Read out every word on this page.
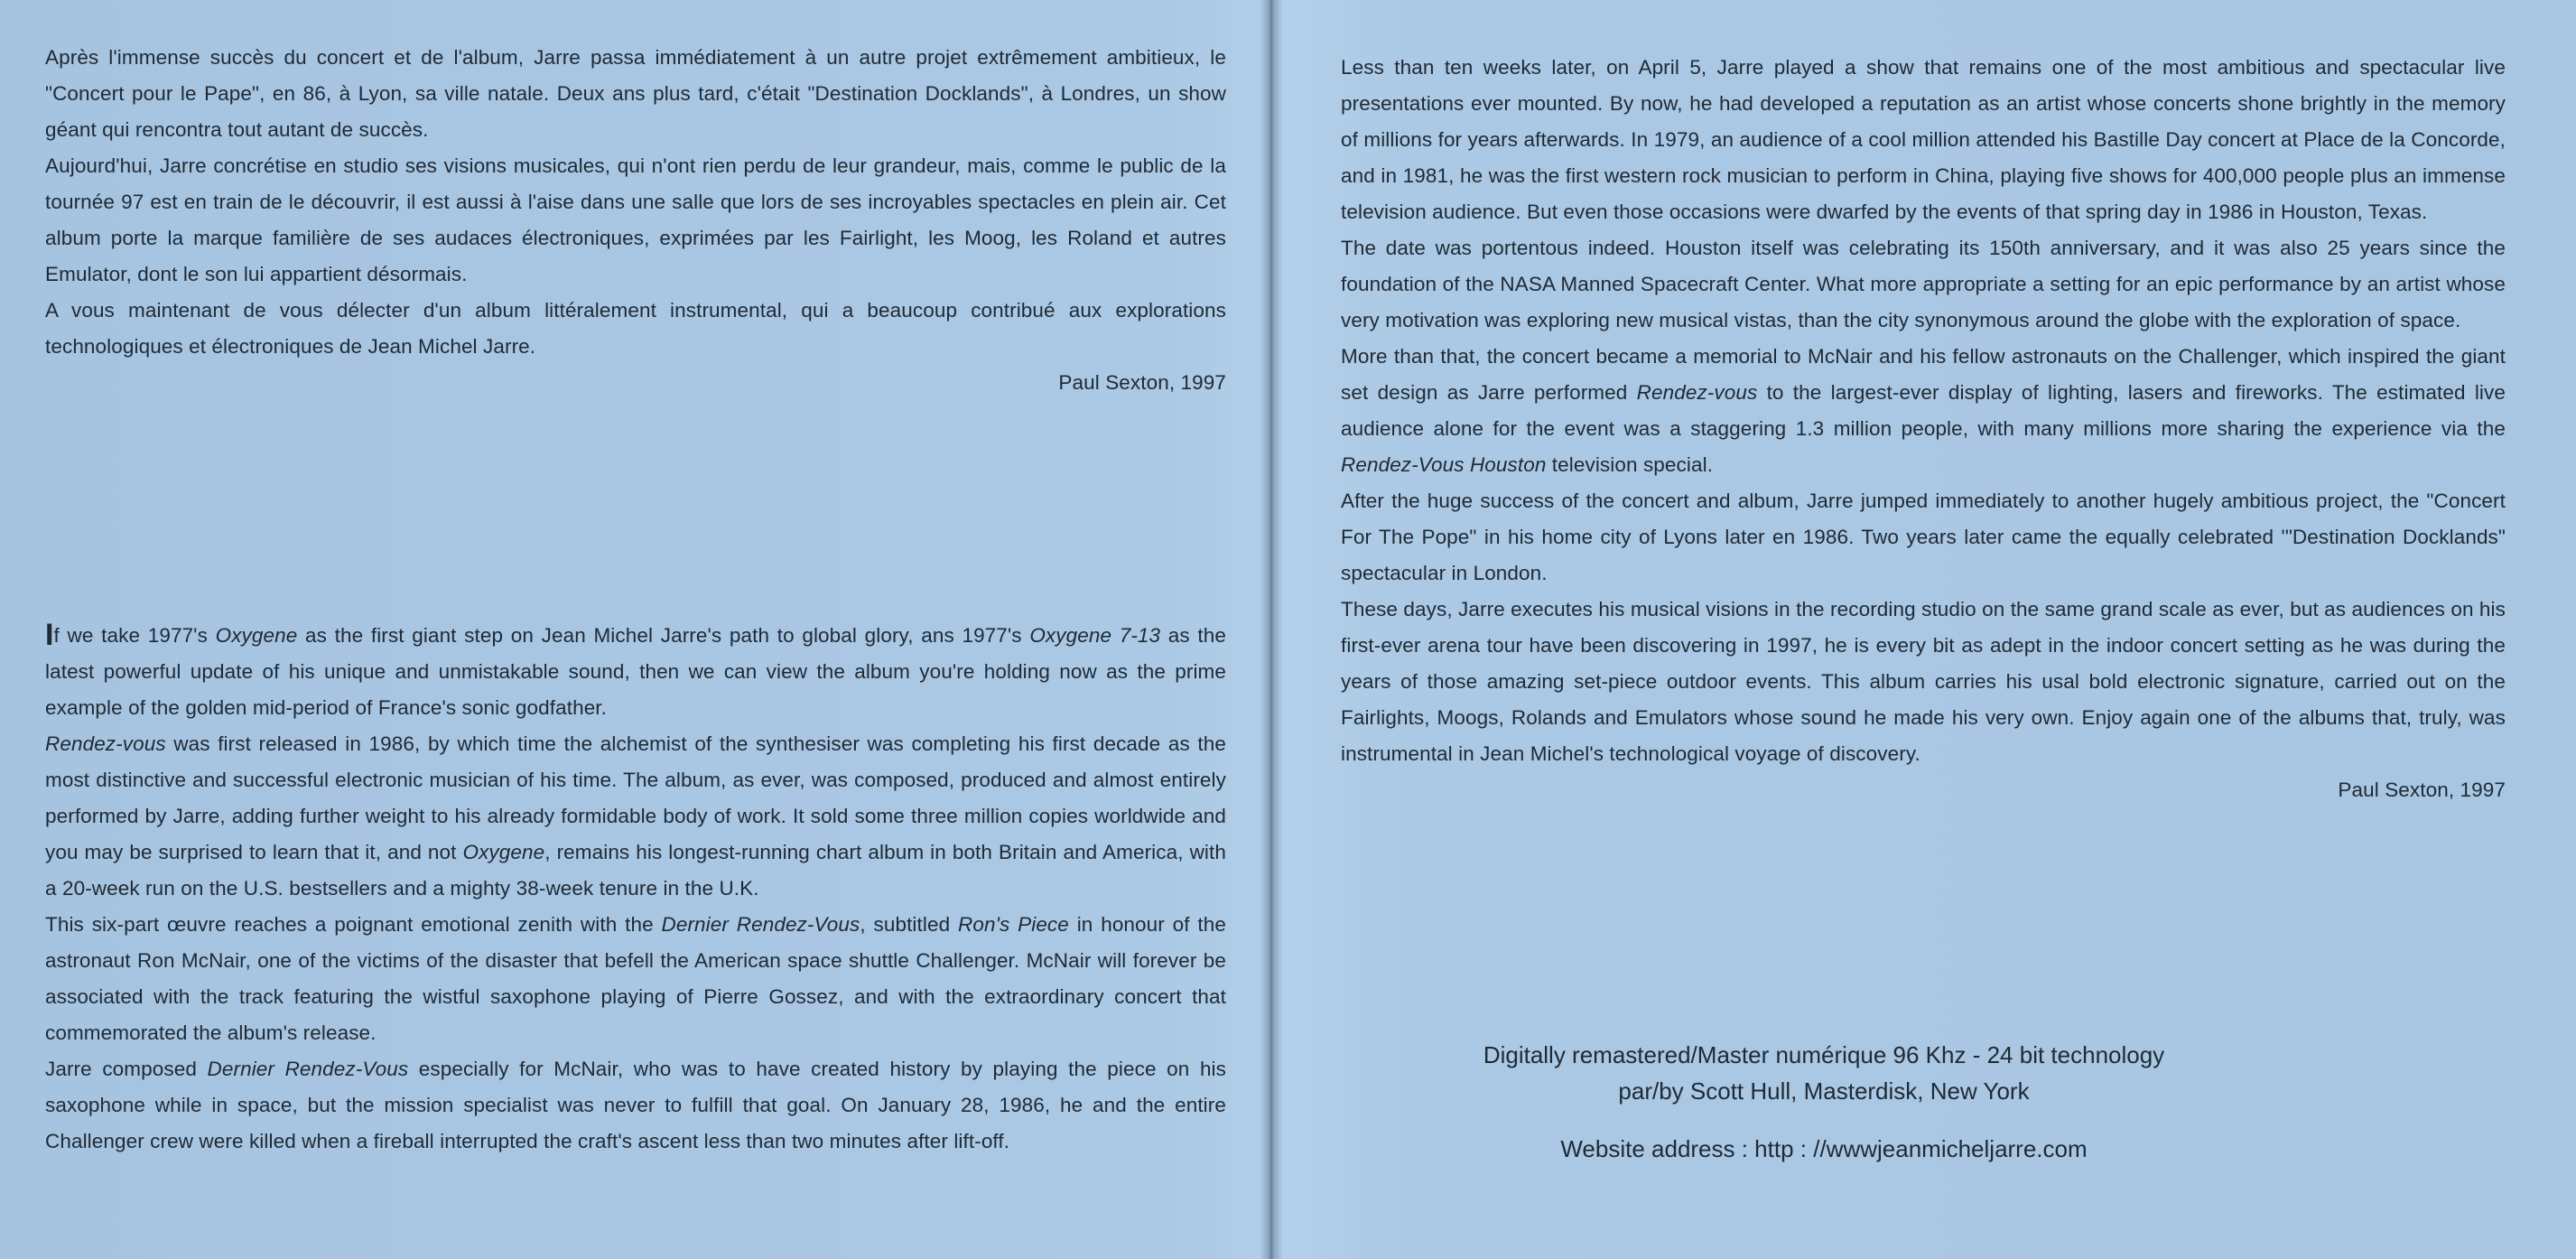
Après l'immense succès du concert et de l'album, Jarre passa immédiatement à un autre projet extrêmement ambitieux, le "Concert pour le Pape", en 86, à Lyon, sa ville natale. Deux ans plus tard, c'était "Destination Docklands", à Londres, un show géant qui rencontra tout autant de succès.

Aujourd'hui, Jarre concrétise en studio ses visions musicales, qui n'ont rien perdu de leur grandeur, mais, comme le public de la tournée 97 est en train de le découvrir, il est aussi à l'aise dans une salle que lors de ses incroyables spectacles en plein air. Cet album porte la marque familière de ses audaces électroniques, exprimées par les Fairlight, les Moog, les Roland et autres Emulator, dont le son lui appartient désormais.

A vous maintenant de vous délecter d'un album littéralement instrumental, qui a beaucoup contribué aux explorations technologiques et électroniques de Jean Michel Jarre.

Paul Sexton, 1997

If we take 1977's Oxygene as the first giant step on Jean Michel Jarre's path to global glory, ans 1977's Oxygene 7-13 as the latest powerful update of his unique and unmistakable sound, then we can view the album you're holding now as the prime example of the golden mid-period of France's sonic godfather.

Rendez-vous was first released in 1986, by which time the alchemist of the synthesiser was completing his first decade as the most distinctive and successful electronic musician of his time. The album, as ever, was composed, produced and almost entirely performed by Jarre, adding further weight to his already formidable body of work. It sold some three million copies worldwide and you may be surprised to learn that it, and not Oxygene, remains his longest-running chart album in both Britain and America, with a 20-week run on the U.S. bestsellers and a mighty 38-week tenure in the U.K.

This six-part œuvre reaches a poignant emotional zenith with the Dernier Rendez-Vous, subtitled Ron's Piece in honour of the astronaut Ron McNair, one of the victims of the disaster that befell the American space shuttle Challenger. McNair will forever be associated with the track featuring the wistful saxophone playing of Pierre Gossez, and with the extraordinary concert that commemorated the album's release.

Jarre composed Dernier Rendez-Vous especially for McNair, who was to have created history by playing the piece on his saxophone while in space, but the mission specialist was never to fulfill that goal. On January 28, 1986, he and the entire Challenger crew were killed when a fireball interrupted the craft's ascent less than two minutes after lift-off.

Less than ten weeks later, on April 5, Jarre played a show that remains one of the most ambitious and spectacular live presentations ever mounted. By now, he had developed a reputation as an artist whose concerts shone brightly in the memory of millions for years afterwards. In 1979, an audience of a cool million attended his Bastille Day concert at Place de la Concorde, and in 1981, he was the first western rock musician to perform in China, playing five shows for 400,000 people plus an immense television audience. But even those occasions were dwarfed by the events of that spring day in 1986 in Houston, Texas.

The date was portentous indeed. Houston itself was celebrating its 150th anniversary, and it was also 25 years since the foundation of the NASA Manned Spacecraft Center. What more appropriate a setting for an epic performance by an artist whose very motivation was exploring new musical vistas, than the city synonymous around the globe with the exploration of space.

More than that, the concert became a memorial to McNair and his fellow astronauts on the Challenger, which inspired the giant set design as Jarre performed Rendez-vous to the largest-ever display of lighting, lasers and fireworks. The estimated live audience alone for the event was a staggering 1.3 million people, with many millions more sharing the experience via the Rendez-Vous Houston television special.

After the huge success of the concert and album, Jarre jumped immediately to another hugely ambitious project, the "Concert For The Pope" in his home city of Lyons later en 1986. Two years later came the equally celebrated '"Destination Docklands" spectacular in London.

These days, Jarre executes his musical visions in the recording studio on the same grand scale as ever, but as audiences on his first-ever arena tour have been discovering in 1997, he is every bit as adept in the indoor concert setting as he was during the years of those amazing set-piece outdoor events. This album carries his usal bold electronic signature, carried out on the Fairlights, Moogs, Rolands and Emulators whose sound he made his very own. Enjoy again one of the albums that, truly, was instrumental in Jean Michel's technological voyage of discovery.

Paul Sexton, 1997

Digitally remastered/Master numérique 96 Khz - 24 bit technology
par/by Scott Hull, Masterdisk, New York
Website address : http : //wwwjeanmicheljarre.com
